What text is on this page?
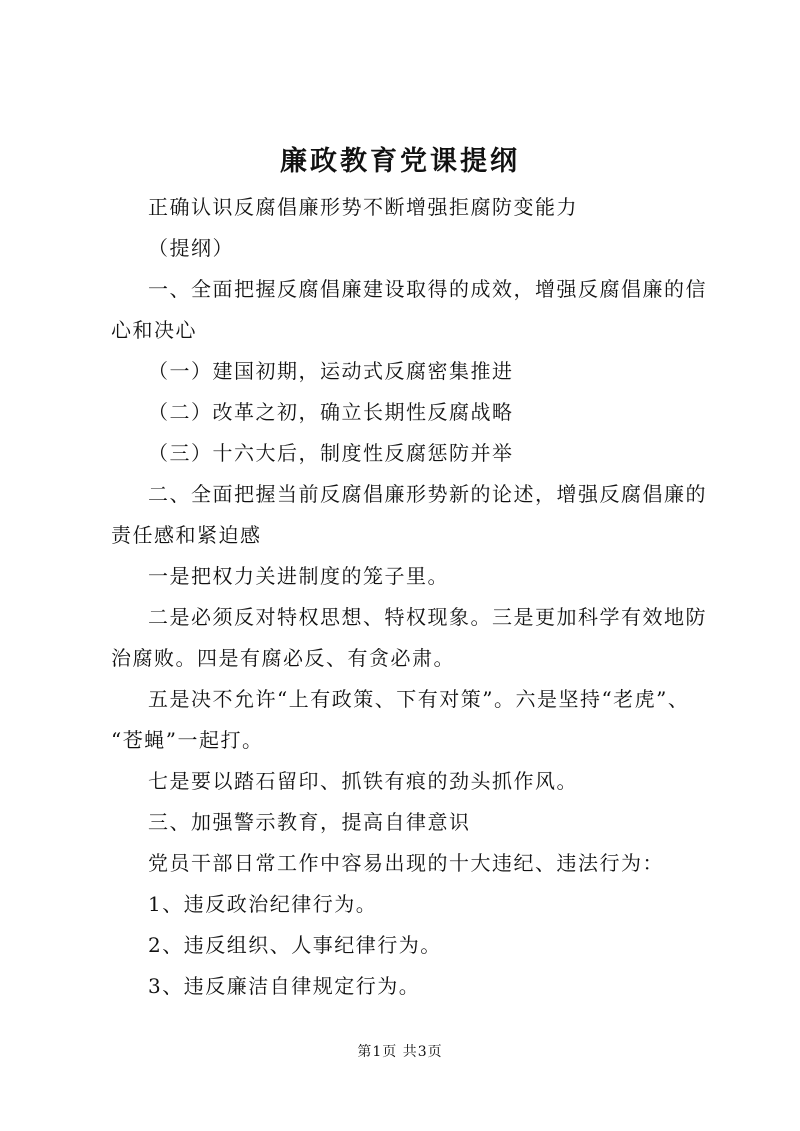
廉政教育党课提纲
正确认识反腐倡廉形势不断增强拒腐防变能力
（提纲）
一、全面把握反腐倡廉建设取得的成效，增强反腐倡廉的信
心和决心
（一）建国初期，运动式反腐密集推进
（二）改革之初，确立长期性反腐战略
（三）十六大后，制度性反腐惩防并举
二、全面把握当前反腐倡廉形势新的论述，增强反腐倡廉的
责任感和紧迫感
一是把权力关进制度的笼子里。
二是必须反对特权思想、特权现象。三是更加科学有效地防
治腐败。四是有腐必反、有贪必肃。
五是决不允许“上有政策、下有对策”。六是坚持“老虎”、
“苍蝇”一起打。
七是要以踏石留印、抓铁有痕的劲头抓作风。
三、加强警示教育，提高自律意识
党员干部日常工作中容易出现的十大违纪、违法行为：
1、违反政治纪律行为。
2、违反组织、人事纪律行为。
3、违反廉洁自律规定行为。
第1页 共3页
